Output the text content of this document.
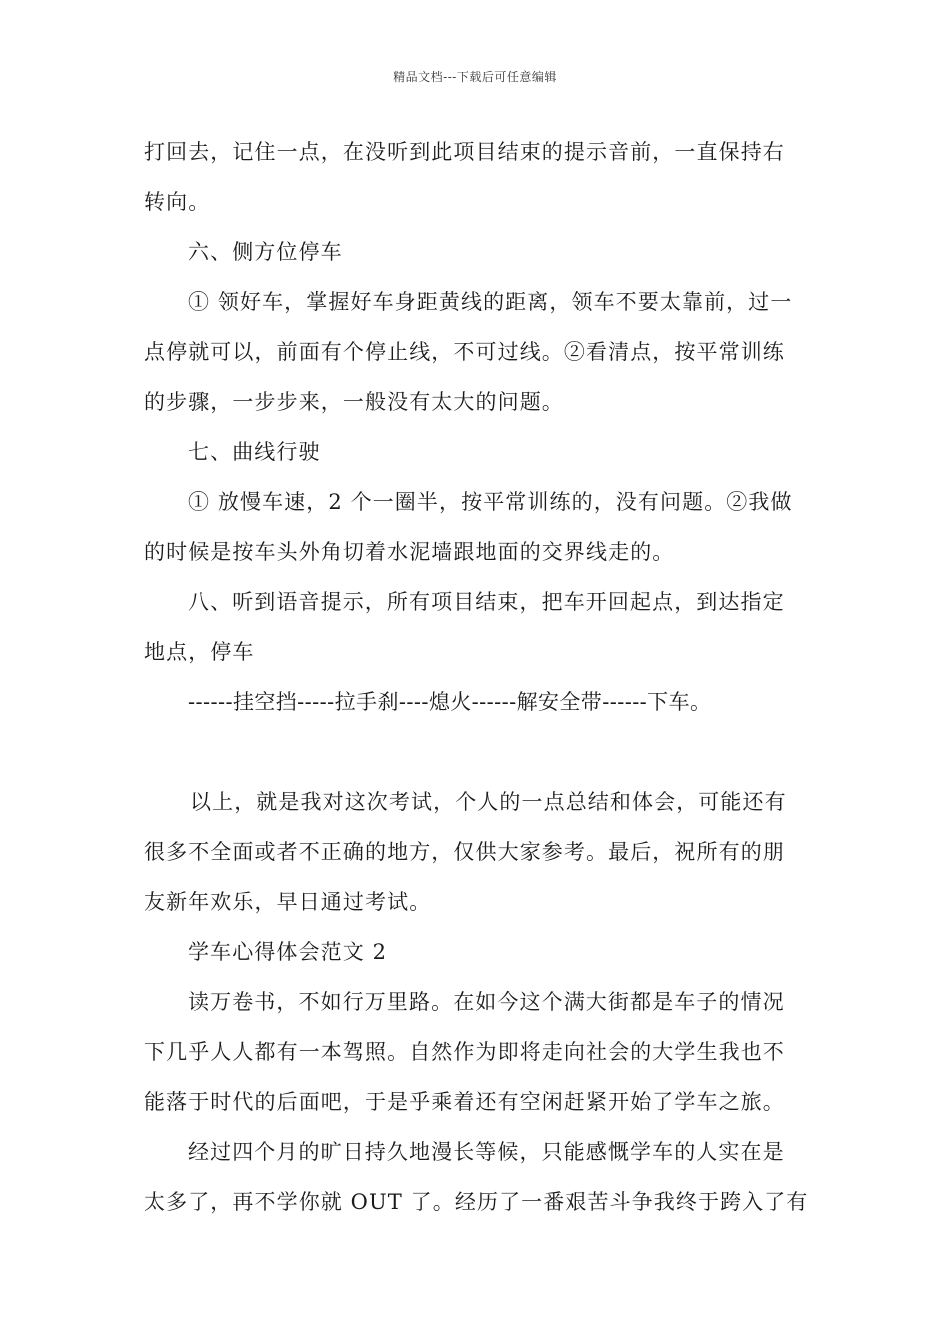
精品文档---下载后可任意编辑
打回去，记住一点，在没听到此项目结束的提示音前，一直保持右
转向。
六、侧方位停车
① 领好车，掌握好车身距黄线的距离，领车不要太靠前，过一
点停就可以，前面有个停止线，不可过线。②看清点，按平常训练
的步骤，一步步来，一般没有太大的问题。
七、曲线行驶
① 放慢车速，2 个一圈半，按平常训练的，没有问题。②我做
的时候是按车头外角切着水泥墙跟地面的交界线走的。
八、听到语音提示，所有项目结束，把车开回起点，到达指定
地点，停车
------挂空挡-----拉手刹----熄火------解安全带------下车。
以上，就是我对这次考试，个人的一点总结和体会，可能还有
很多不全面或者不正确的地方，仅供大家参考。最后，祝所有的朋
友新年欢乐，早日通过考试。
学车心得体会范文 2
读万卷书，不如行万里路。在如今这个满大街都是车子的情况
下几乎人人都有一本驾照。自然作为即将走向社会的大学生我也不
能落于时代的后面吧，于是乎乘着还有空闲赶紧开始了学车之旅。
经过四个月的旷日持久地漫长等候，只能感慨学车的人实在是
太多了，再不学你就 OUT 了。经历了一番艰苦斗争我终于跨入了有
